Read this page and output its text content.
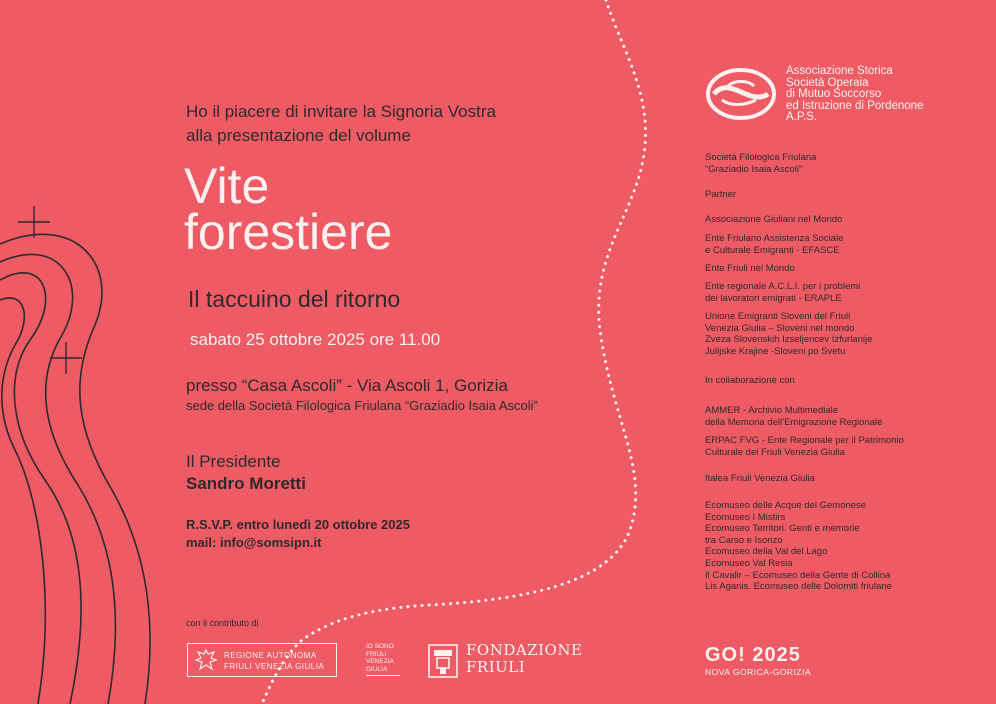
Ho il piacere di invitare la Signoria Vostra
alla presentazione del volume
Vite
forestiere
Il taccuino del ritorno
sabato 25 ottobre 2025 ore 11.00
presso “Casa Ascoli” - Via Ascoli 1, Gorizia
sede della Società Filologica Friulana “Graziadio Isaia Ascoli”
Il Presidente
Sandro Moretti
R.S.V.P. entro lunedì 20 ottobre 2025
mail: info@somsipn.it
con il contributo di
REGIONE AUTONOMA
FRIULI VENEZIA GIULIA
IO SONO
FRIULI
VENEZIA
GIULIA
FONDAZIONE
FRIULI
Associazione Storica
Società Operaia
di Mutuo Soccorso
ed Istruzione di Pordenone
A.P.S.
Società Filologica Friulana
“Graziadio Isaia Ascoli”
Partner
Associazione Giuliani nel Mondo
Ente Friulano Assistenza Sociale
e Culturale Emigranti - EFASCE
Ente Friuli nel Mondo
Ente regionale A.C.L.I. per i problemi
dei lavoratori emigrati - ERAPLE
Unione Emigranti Sloveni del Friuli
Venezia Giulia – Sloveni nel mondo
Zveza Slovenskih Izseljencev Izfurlanije
Julijske Krajine -Sloveni po Svetu
In collaborazione con
AMMER - Archivio Multimediale
della Memoria dell’Emigrazione Regionale
ERPAC FVG - Ente Regionale per il Patrimonio
Culturale del Friuli Venezia Giulia
Italea Friuli Venezia Giulia
Ecomuseo delle Acque del Gemonese
Ecomuseo I Mistirs
Ecomuseo Territori. Genti e memorie
tra Carso e Isonzo
Ecomuseo della Val del Lago
Ecomuseo Val Resia
Il Cavalir – Ecomuseo della Gente di Collina
Lis Aganis. Ecomuseo delle Dolomiti friulane
GO! 2025
NOVA GORICA-GORIZIA
